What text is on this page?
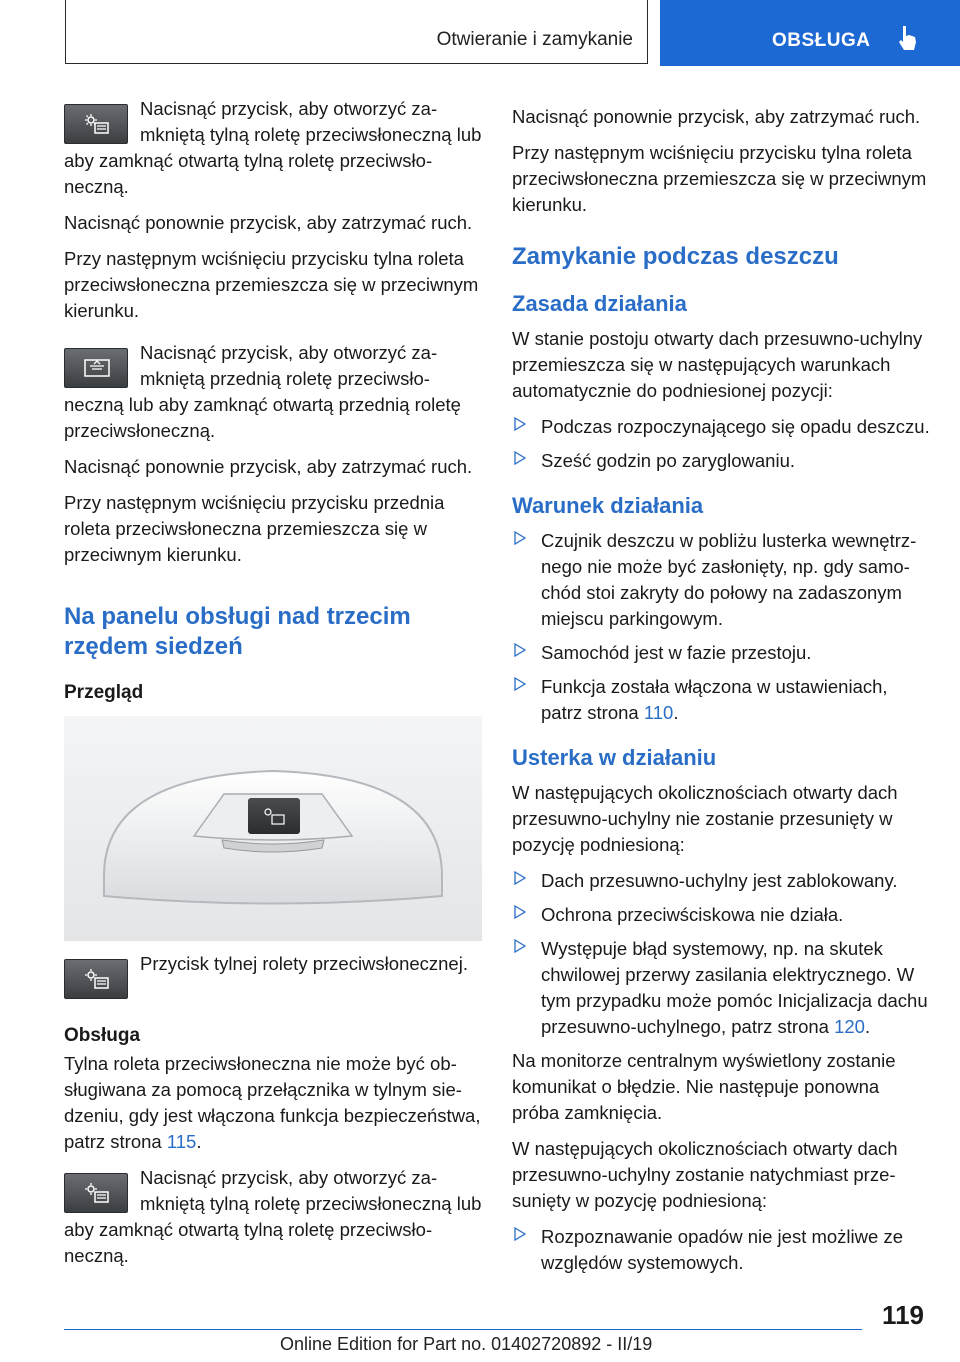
Otwieranie i zamykanie	OBSŁUGA

Nacisnąć przycisk, aby otworzyć zamkniętą tylną roletę przeciwsłoneczną lub aby zamknąć otwartą tylną roletę przeciwsłoneczną.

Nacisnąć ponownie przycisk, aby zatrzymać ruch.

Przy następnym wciśnięciu przycisku tylna roleta przeciwsłoneczna przemieszcza się w przeciwnym kierunku.

Nacisnąć przycisk, aby otworzyć zamkniętą przednią roletę przeciwsłoneczną lub aby zamknąć otwartą przednią roletę przeciwsłoneczną.

Nacisnąć ponownie przycisk, aby zatrzymać ruch.

Przy następnym wciśnięciu przycisku przednia roleta przeciwsłoneczna przemieszcza się w przeciwnym kierunku.

Na panelu obsługi nad trzecim rzędem siedzeń
Przegląd

Przycisk tylnej rolety przeciwsłonecznej.

Obsługa

Tylna roleta przeciwsłoneczna nie może być obsługiwana za pomocą przełącznika w tylnym siedzeniu, gdy jest włączona funkcja bezpieczeństwa, patrz strona 115.

Nacisnąć przycisk, aby otworzyć zamkniętą tylną roletę przeciwsłoneczną lub aby zamknąć otwartą tylną roletę przeciwsłoneczną.

Nacisnąć ponownie przycisk, aby zatrzymać ruch.

Przy następnym wciśnięciu przycisku tylna roleta przeciwsłoneczna przemieszcza się w przeciwnym kierunku.

Zamykanie podczas deszczu
Zasada działania

W stanie postoju otwarty dach przesuwno-uchylny przemieszcza się w następujących warunkach automatycznie do podniesionej pozycji:

Podczas rozpoczynającego się opadu deszczu.
Sześć godzin po zaryglowaniu.
Warunek działania
Czujnik deszczu w pobliżu lusterka wewnętrznego nie może być zasłonięty, np. gdy samochód stoi zakryty do połowy na zadaszonym miejscu parkingowym.
Samochód jest w fazie przestoju.
Funkcja została włączona w ustawieniach, patrz strona 110.
Usterka w działaniu

W następujących okolicznościach otwarty dach przesuwno-uchylny nie zostanie przesunięty w pozycję podniesioną:

Dach przesuwno-uchylny jest zablokowany.
Ochrona przeciwściskowa nie działa.
Występuje błąd systemowy, np. na skutek chwilowej przerwy zasilania elektrycznego. W tym przypadku może pomóc Inicjalizacja dachu przesuwno-uchylnego, patrz strona 120.

Na monitorze centralnym wyświetlony zostanie komunikat o błędzie. Nie następuje ponowna próba zamknięcia.

W następujących okolicznościach otwarty dach przesuwno-uchylny zostanie natychmiast przesunięty w pozycję podniesioną:

Rozpoznawanie opadów nie jest możliwe ze względów systemowych.
119
Online Edition for Part no. 01402720892 - II/19
